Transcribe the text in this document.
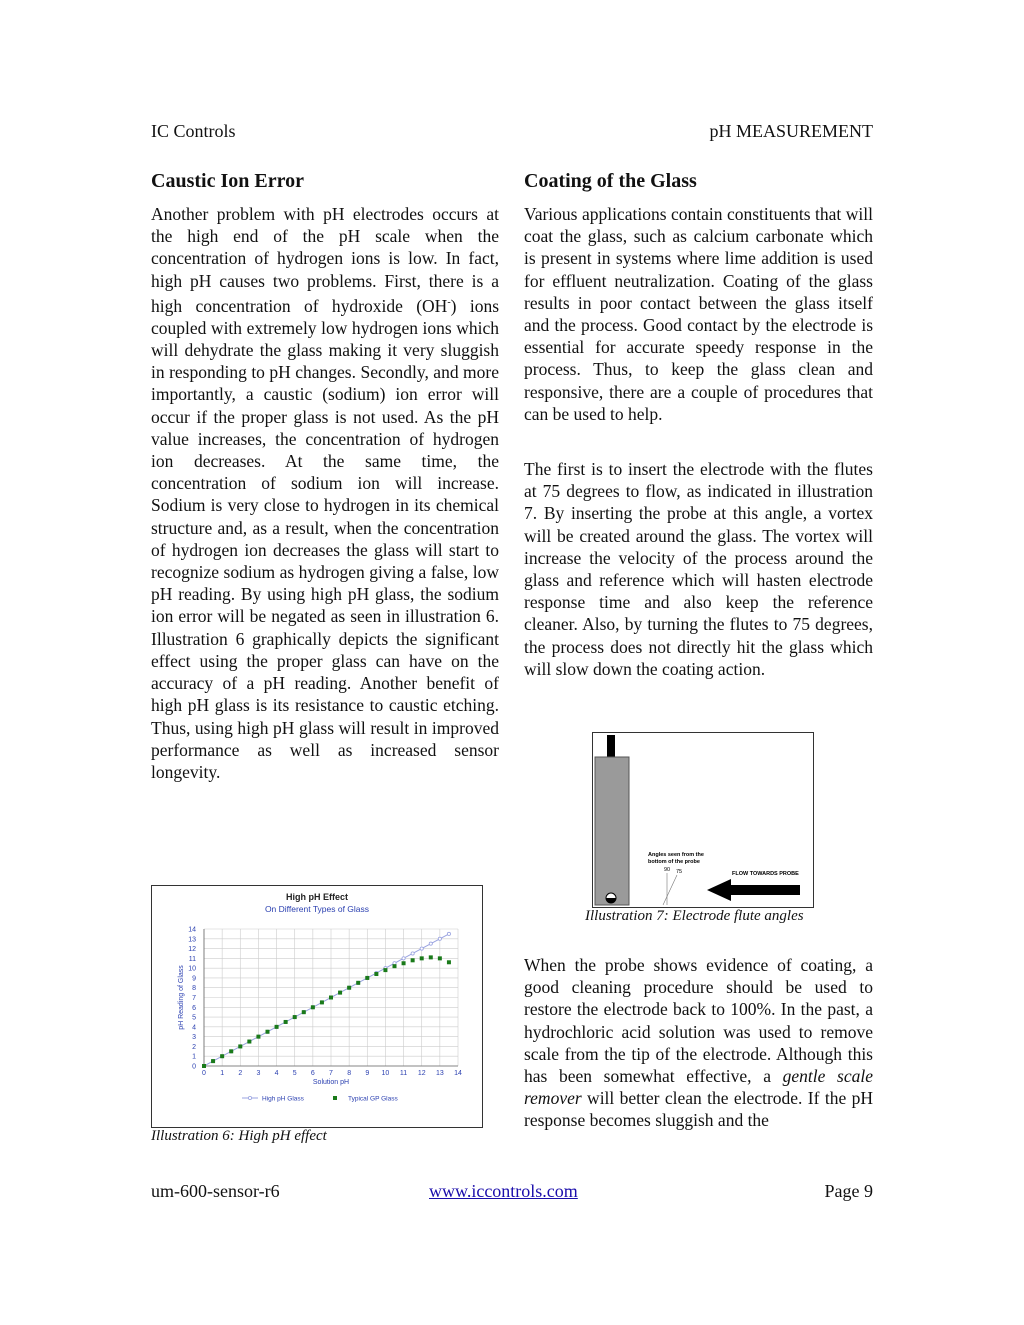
IC Controls	pH MEASUREMENT
Caustic Ion Error

Another problem with pH electrodes occurs at the high end of the pH scale when the concentration of hydrogen ions is low. In fact, high pH causes two problems. First, there is a high concentration of hydroxide (OH-) ions coupled with extremely low hydrogen ions which will dehydrate the glass making it very sluggish in responding to pH changes. Secondly, and more importantly, a caustic (sodium) ion error will occur if the proper glass is not used. As the pH value increases, the concentration of hydrogen ion decreases. At the same time, the concentration of sodium ion will increase. Sodium is very close to hydrogen in its chemical structure and, as a result, when the concentration of hydrogen ion decreases the glass will start to recognize sodium as hydrogen giving a false, low pH reading. By using high pH glass, the sodium ion error will be negated as seen in illustration 6. Illustration 6 graphically depicts the significant effect using the proper glass can have on the accuracy of a pH reading. Another benefit of high pH glass is its resistance to caustic etching. Thus, using high pH glass will result in improved performance as well as increased sensor longevity.

High pH Effect
On Different Types of Glass
0 1 2 3 4 5 6 7 8 9 10 11 12 13 14
0
1
2
3
4
5
6
7
8
9
10
11
12
13
14
Solution pH
pH Reading of Glass
High pH Glass	Typical GP Glass
Illustration 6: High pH effect
Coating of the Glass

Various applications contain constituents that will coat the glass, such as calcium carbonate which is present in systems where lime addition is used for effluent neutralization. Coating of the glass results in poor contact between the glass itself and the process. Good contact by the electrode is essential for accurate speedy response in the process. Thus, to keep the glass clean and responsive, there are a couple of procedures that can be used to help.

The first is to insert the electrode with the flutes at 75 degrees to flow, as indicated in illustration 7. By inserting the probe at this angle, a vortex will be created around the glass. The vortex will increase the velocity of the process around the glass and reference which will hasten electrode response time and also keep the reference cleaner. Also, by turning the flutes to 75 degrees, the process does not directly hit the glass which will slow down the coating action.

Angles seen from the
bottom of the probe
90 75	FLOW TOWARDS PROBE
Illustration 7: Electrode flute angles

When the probe shows evidence of coating, a good cleaning procedure should be used to restore the electrode back to 100%. In the past, a hydrochloric acid solution was used to remove scale from the tip of the electrode. Although this has been somewhat effective, a gentle scale remover will better clean the electrode. If the pH response becomes sluggish and the

um-600-sensor-r6	www.iccontrols.com	Page 9
